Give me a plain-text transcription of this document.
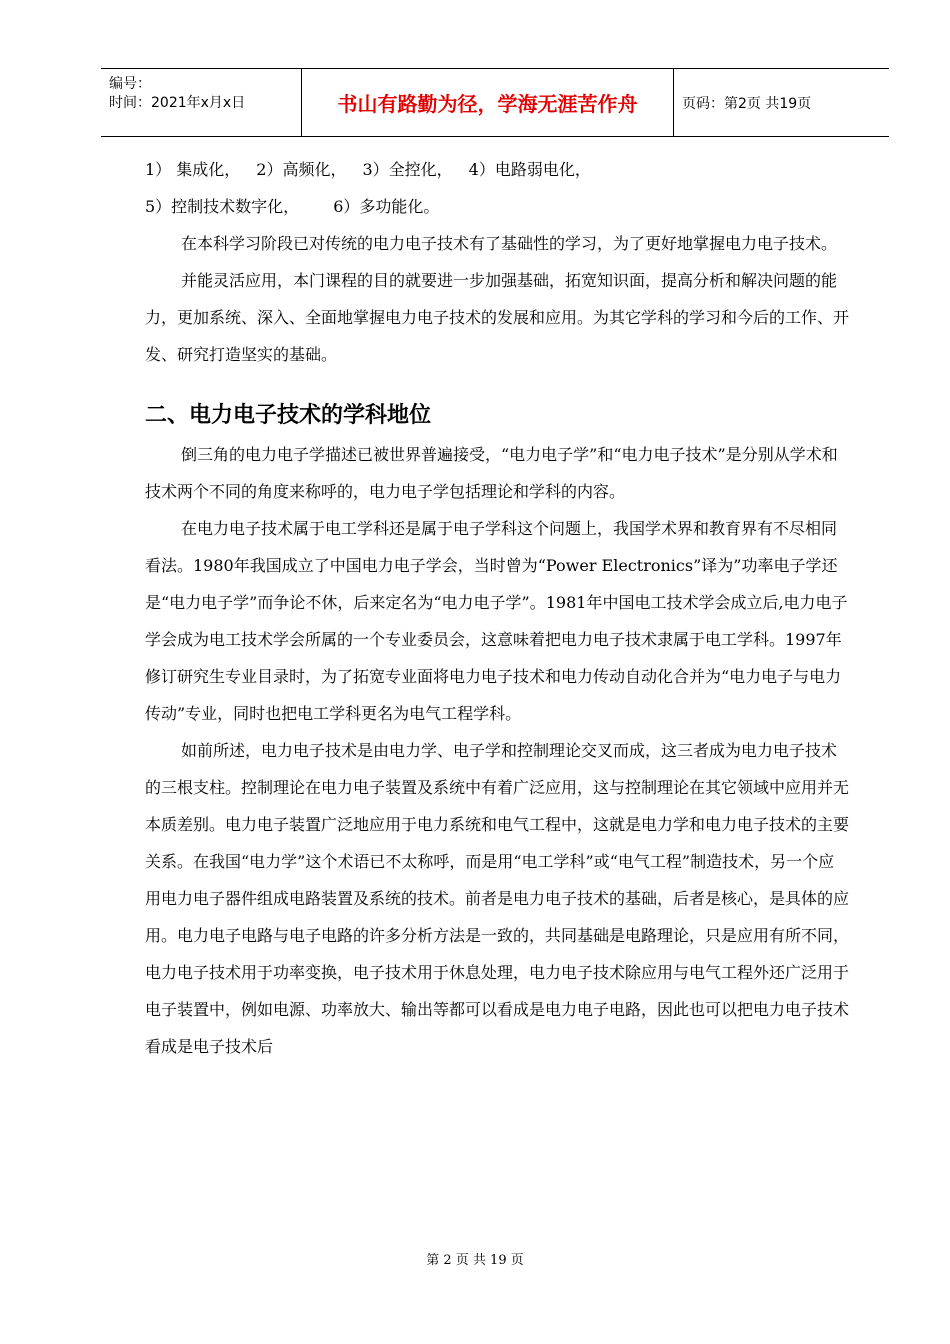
编号：
时间：2021年x月x日	书山有路勤为径，学海无涯苦作舟	页码：第2页 共19页

1） 集成化， 2）高频化， 3）全控化， 4）电路弱电化，

5）控制技术数字化， 6）多功能化。

在本科学习阶段已对传统的电力电子技术有了基础性的学习，为了更好地掌握电力电子技术。

并能灵活应用，本门课程的目的就要进一步加强基础，拓宽知识面，提高分析和解决问题的能力，更加系统、深入、全面地掌握电力电子技术的发展和应用。为其它学科的学习和今后的工作、开发、研究打造坚实的基础。

二、电力电子技术的学科地位

倒三角的电力电子学描述已被世界普遍接受，“电力电子学”和“电力电子技术”是分别从学术和技术两个不同的角度来称呼的，电力电子学包括理论和学科的内容。

在电力电子技术属于电工学科还是属于电子学科这个问题上，我国学术界和教育界有不尽相同看法。1980年我国成立了中国电力电子学会，当时曾为“Power Electronics”译为”功率电子学还是“电力电子学”而争论不休，后来定名为“电力电子学”。1981年中国电工技术学会成立后,电力电子学会成为电工技术学会所属的一个专业委员会，这意味着把电力电子技术隶属于电工学科。1997年修订研究生专业目录时，为了拓宽专业面将电力电子技术和电力传动自动化合并为“电力电子与电力传动”专业，同时也把电工学科更名为电气工程学科。

如前所述，电力电子技术是由电力学、电子学和控制理论交叉而成，这三者成为电力电子技术的三根支柱。控制理论在电力电子装置及系统中有着广泛应用，这与控制理论在其它领域中应用并无本质差别。电力电子装置广泛地应用于电力系统和电气工程中，这就是电力学和电力电子技术的主要关系。在我国“电力学”这个术语已不太称呼，而是用“电工学科”或“电气工程”制造技术，另一个应用电力电子器件组成电路装置及系统的技术。前者是电力电子技术的基础，后者是核心，是具体的应用。电力电子电路与电子电路的许多分析方法是一致的，共同基础是电路理论，只是应用有所不同，电力电子技术用于功率变换，电子技术用于休息处理，电力电子技术除应用与电气工程外还广泛用于电子装置中，例如电源、功率放大、输出等都可以看成是电力电子电路，因此也可以把电力电子技术看成是电子技术后

第 2 页 共 19 页
